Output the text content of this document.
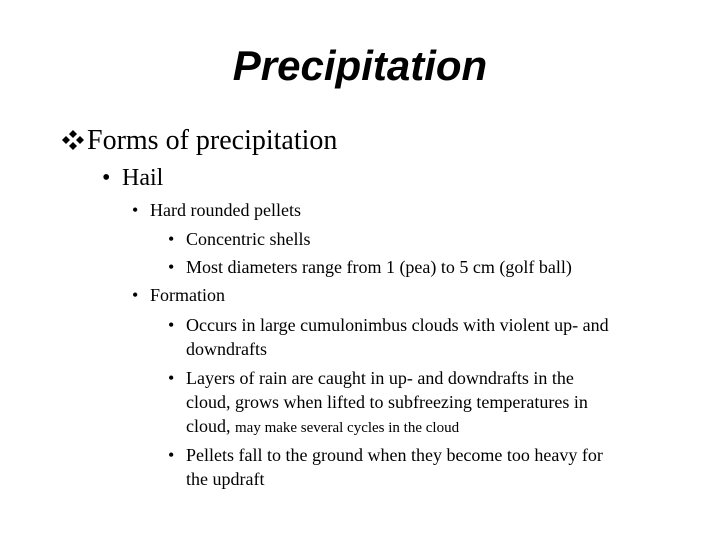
Precipitation
Forms of precipitation
• Hail
• Hard rounded pellets
• Concentric shells
• Most diameters range from 1 (pea) to 5 cm (golf ball)
• Formation
• Occurs in large cumulonimbus clouds with violent up- and
downdrafts
• Layers of rain are caught in up- and downdrafts in the
cloud, grows when lifted to subfreezing temperatures in
cloud, may make several cycles in the cloud
• Pellets fall to the ground when they become too heavy for
the updraft
